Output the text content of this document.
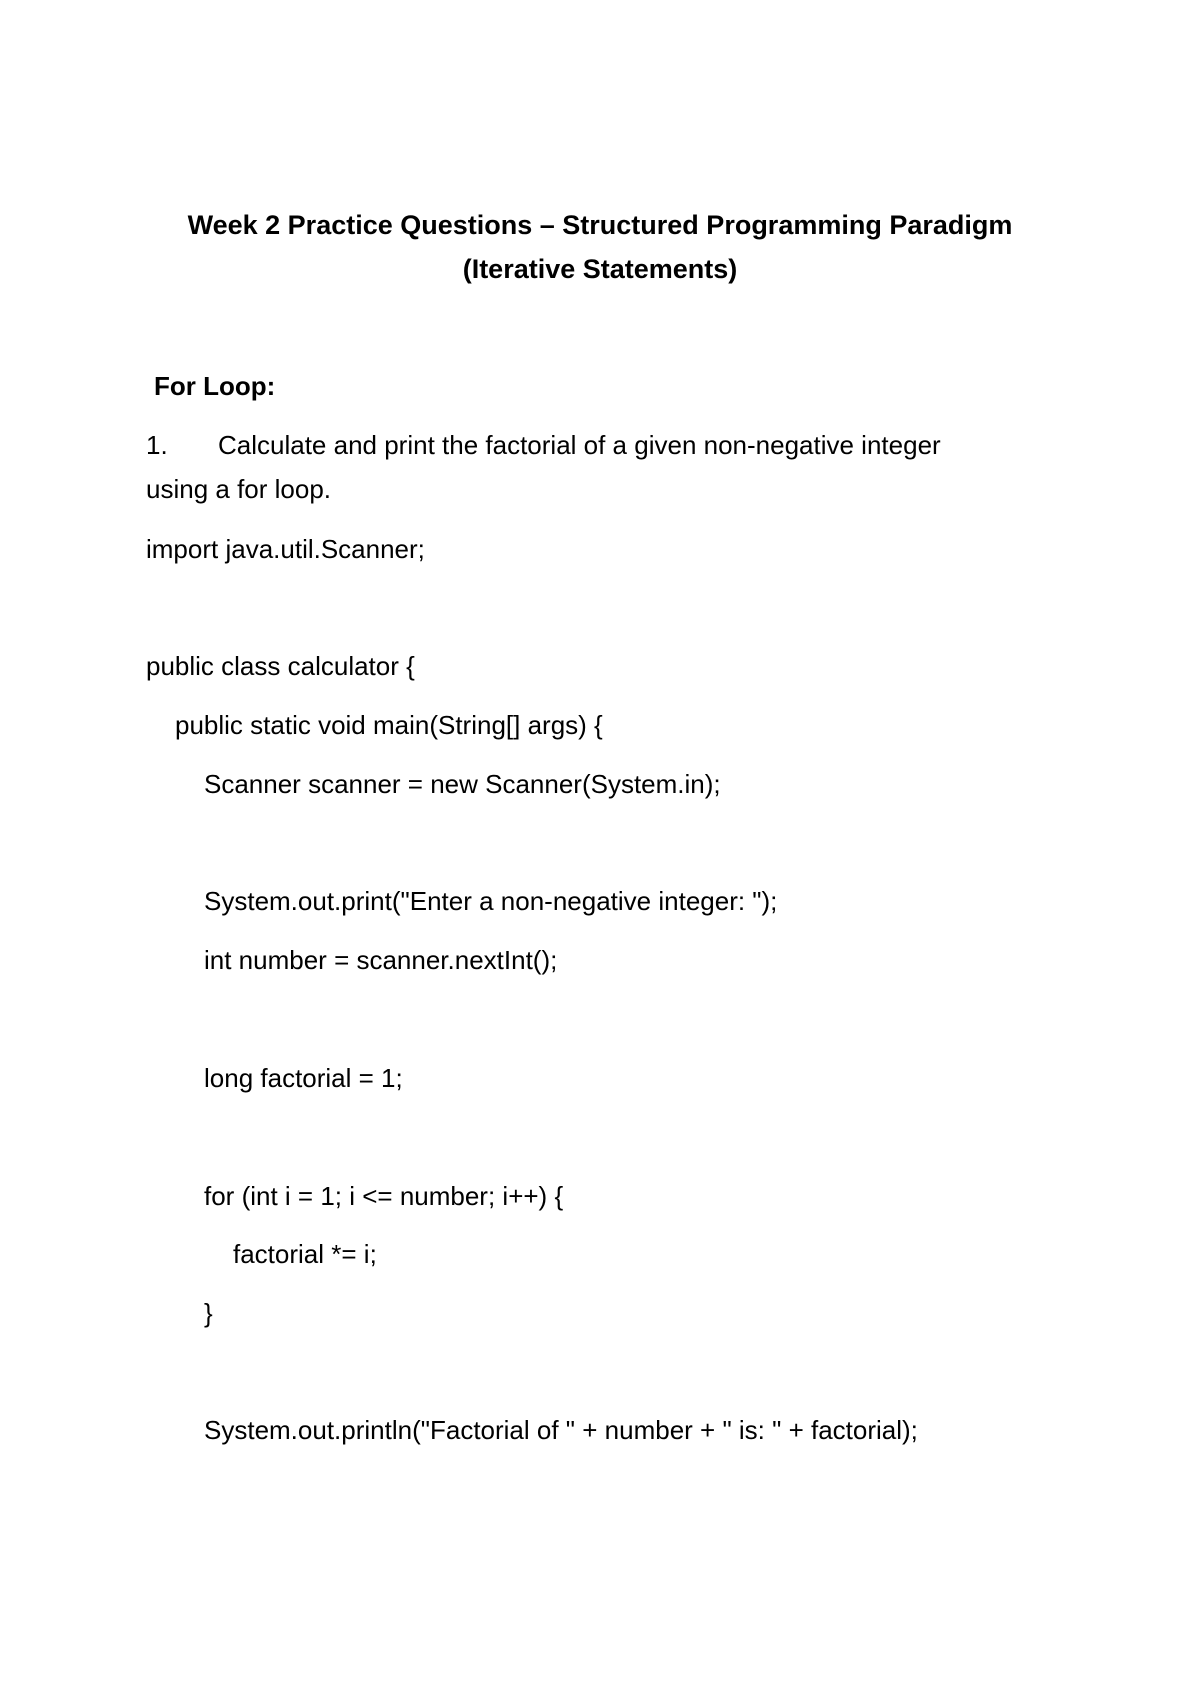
Week 2 Practice Questions – Structured Programming Paradigm
(Iterative Statements)
For Loop:
1. Calculate and print the factorial of a given non-negative integer
using a for loop.
import java.util.Scanner;
public class calculator {
public static void main(String[] args) {
Scanner scanner = new Scanner(System.in);
System.out.print("Enter a non-negative integer: ");
int number = scanner.nextInt();
long factorial = 1;
for (int i = 1; i <= number; i++) {
factorial *= i;
}
System.out.println("Factorial of " + number + " is: " + factorial);
